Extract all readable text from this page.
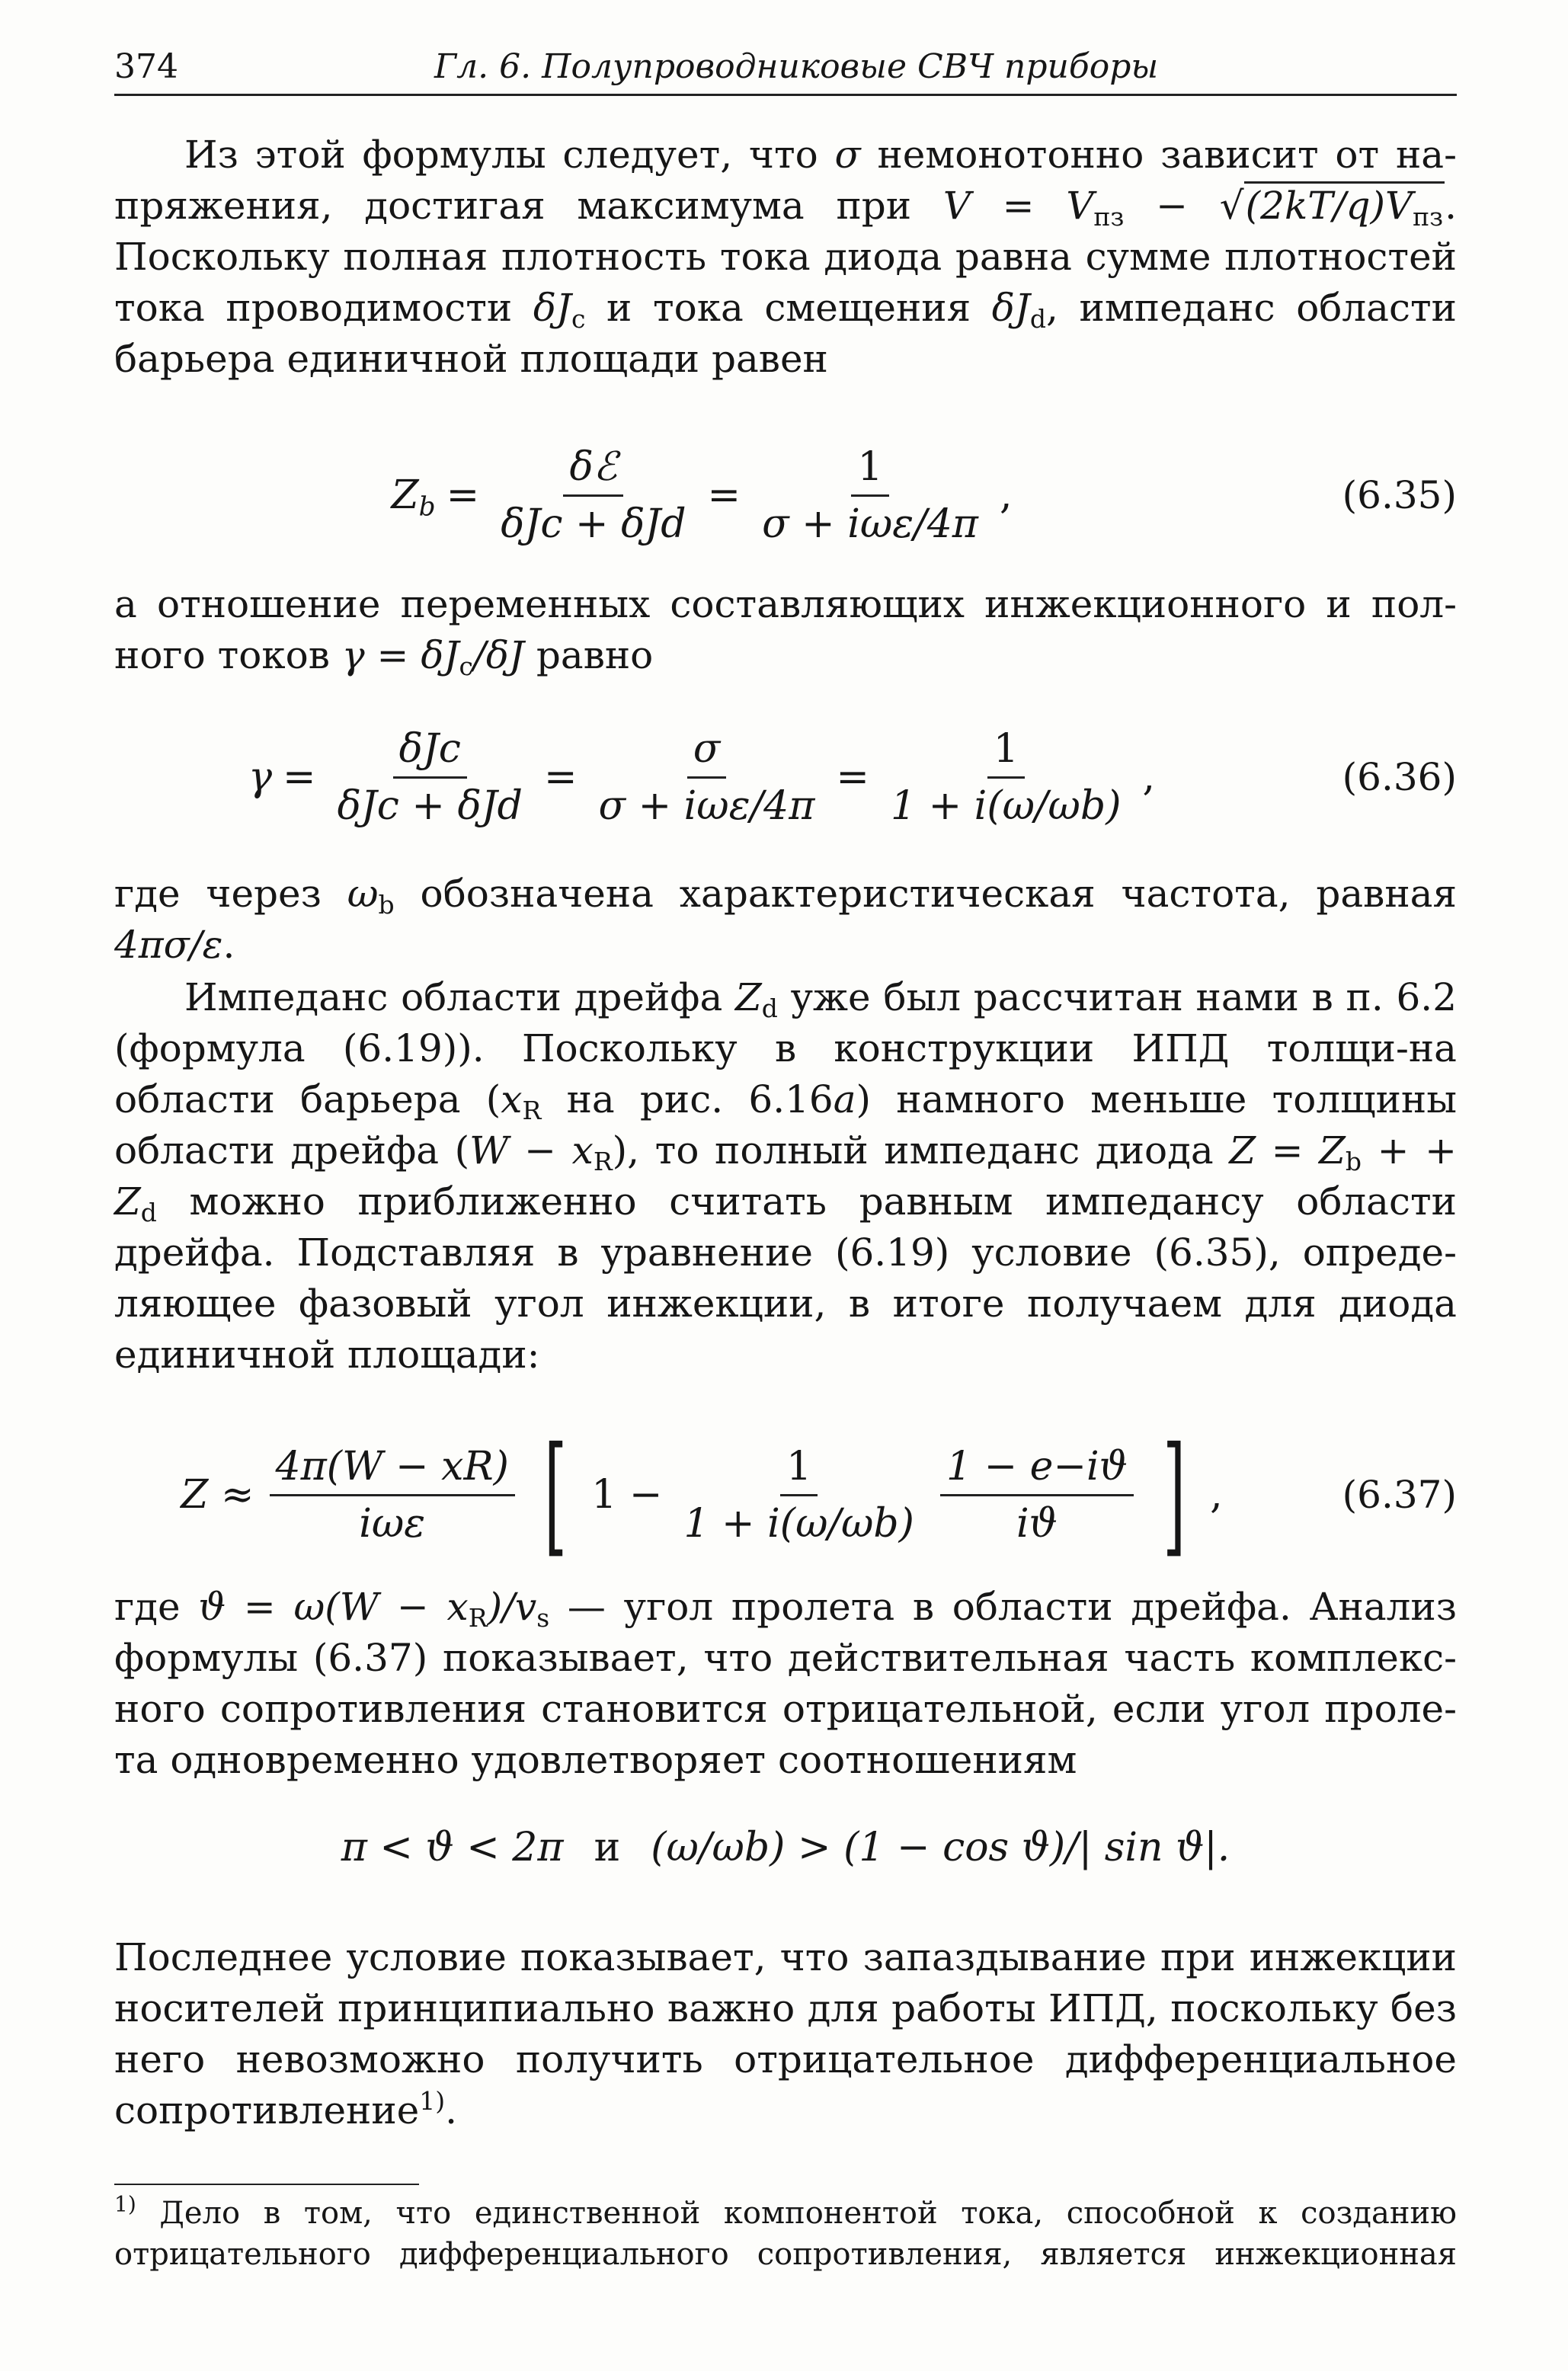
374	Гл. 6. Полупроводниковые СВЧ приборы
Из этой формулы следует, что σ немонотонно зависит от на-пряжения, достигая максимума при $V = V_{пз} - √(2kT/q)V_{пз}$. Поскольку полная плотность тока диода равна сумме плотностей тока проводимости $\delta J_c$ и тока смещения $\delta J_d$, импеданс области барьера единичной площади равен
$Z_b = \frac{\text{δℰ}}{\text{δJc + δJd}} = \frac{1}{\text{σ + iωε/4π}}$ ,	(6.35)
а отношение переменных составляющих инжекционного и пол-ного токов $\gamma = \delta J_c/\delta J$ равно
$\gamma = \frac{\text{δJc}}{\text{δJc + δJd}} = \frac{\sigma}{\text{σ + iωε/4π}} = \frac{1}{1 + i(\omega/\omega b)}$ ,	(6.36)
где через $\omega_b$ обозначена характеристическая частота, равная 4πσ/ε.
Импеданс области дрейфа $Z_d$ уже был рассчитан нами в п. 6.2 (формула (6.19)). Поскольку в конструкции ИПД толщи-на области барьера ($x_R$ на рис. 6.16а) намного меньше толщины области дрейфа $(W - x_R)$, то полный импеданс диода $Z = Z_b$ + + $Z_d$ можно приближенно считать равным импедансу области дрейфа. Подставляя в уравнение (6.19) условие (6.35), опреде-ляющее фазовый угол инжекции, в итоге получаем для диода единичной площади:
$Z \approx \frac{4\pi(W - xR)}{\text{iωε}}$ [ $1 - \frac{1}{1 + i(\omega/\omega b)} \frac{1 - e-iϑ}{iϑ}$ ] ,	(6.37)
где $ϑ = \omega(W - x_R)/v_s$ — угол пролета в области дрейфа. Анализ формулы (6.37) показывает, что действительная часть комплекс-ного сопротивления становится отрицательной, если угол проле-та одновременно удовлетворяет соотношениям
π < ϑ < 2π и (ω/ωb) > (1 − cos ϑ)/| sin ϑ|.
Последнее условие показывает, что запаздывание при инжекции носителей принципиально важно для работы ИПД, поскольку без него невозможно получить отрицательное дифференциальное сопротивление$^{1)}$.
$^{1)}$ Дело в том, что единственной компонентой тока, способной к созданию отрицательного дифференциального сопротивления, является инжекционная
